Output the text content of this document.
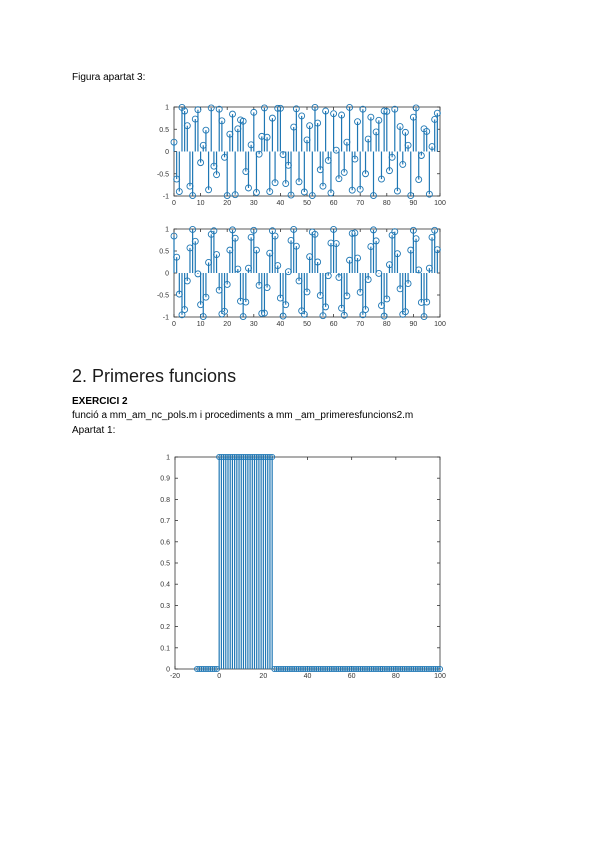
Figura apartat 3:
2. Primeres funcions
EXERCICI 2
funció a mm_am_nc_pols.m i procediments a mm _am_primeresfuncions2.m
Apartat 1:
0	10	20	30	40	50	60	70	80	90 100
-1
-0.5
0
0.5
1
0	10	20	30	40	50	60	70	80	90 100
-1
-0.5
0
0.5
1
-20	0	20	40	60	80	100
0
0.1
0.2
0.3
0.4
0.5
0.6
0.7
0.8
0.9
1
